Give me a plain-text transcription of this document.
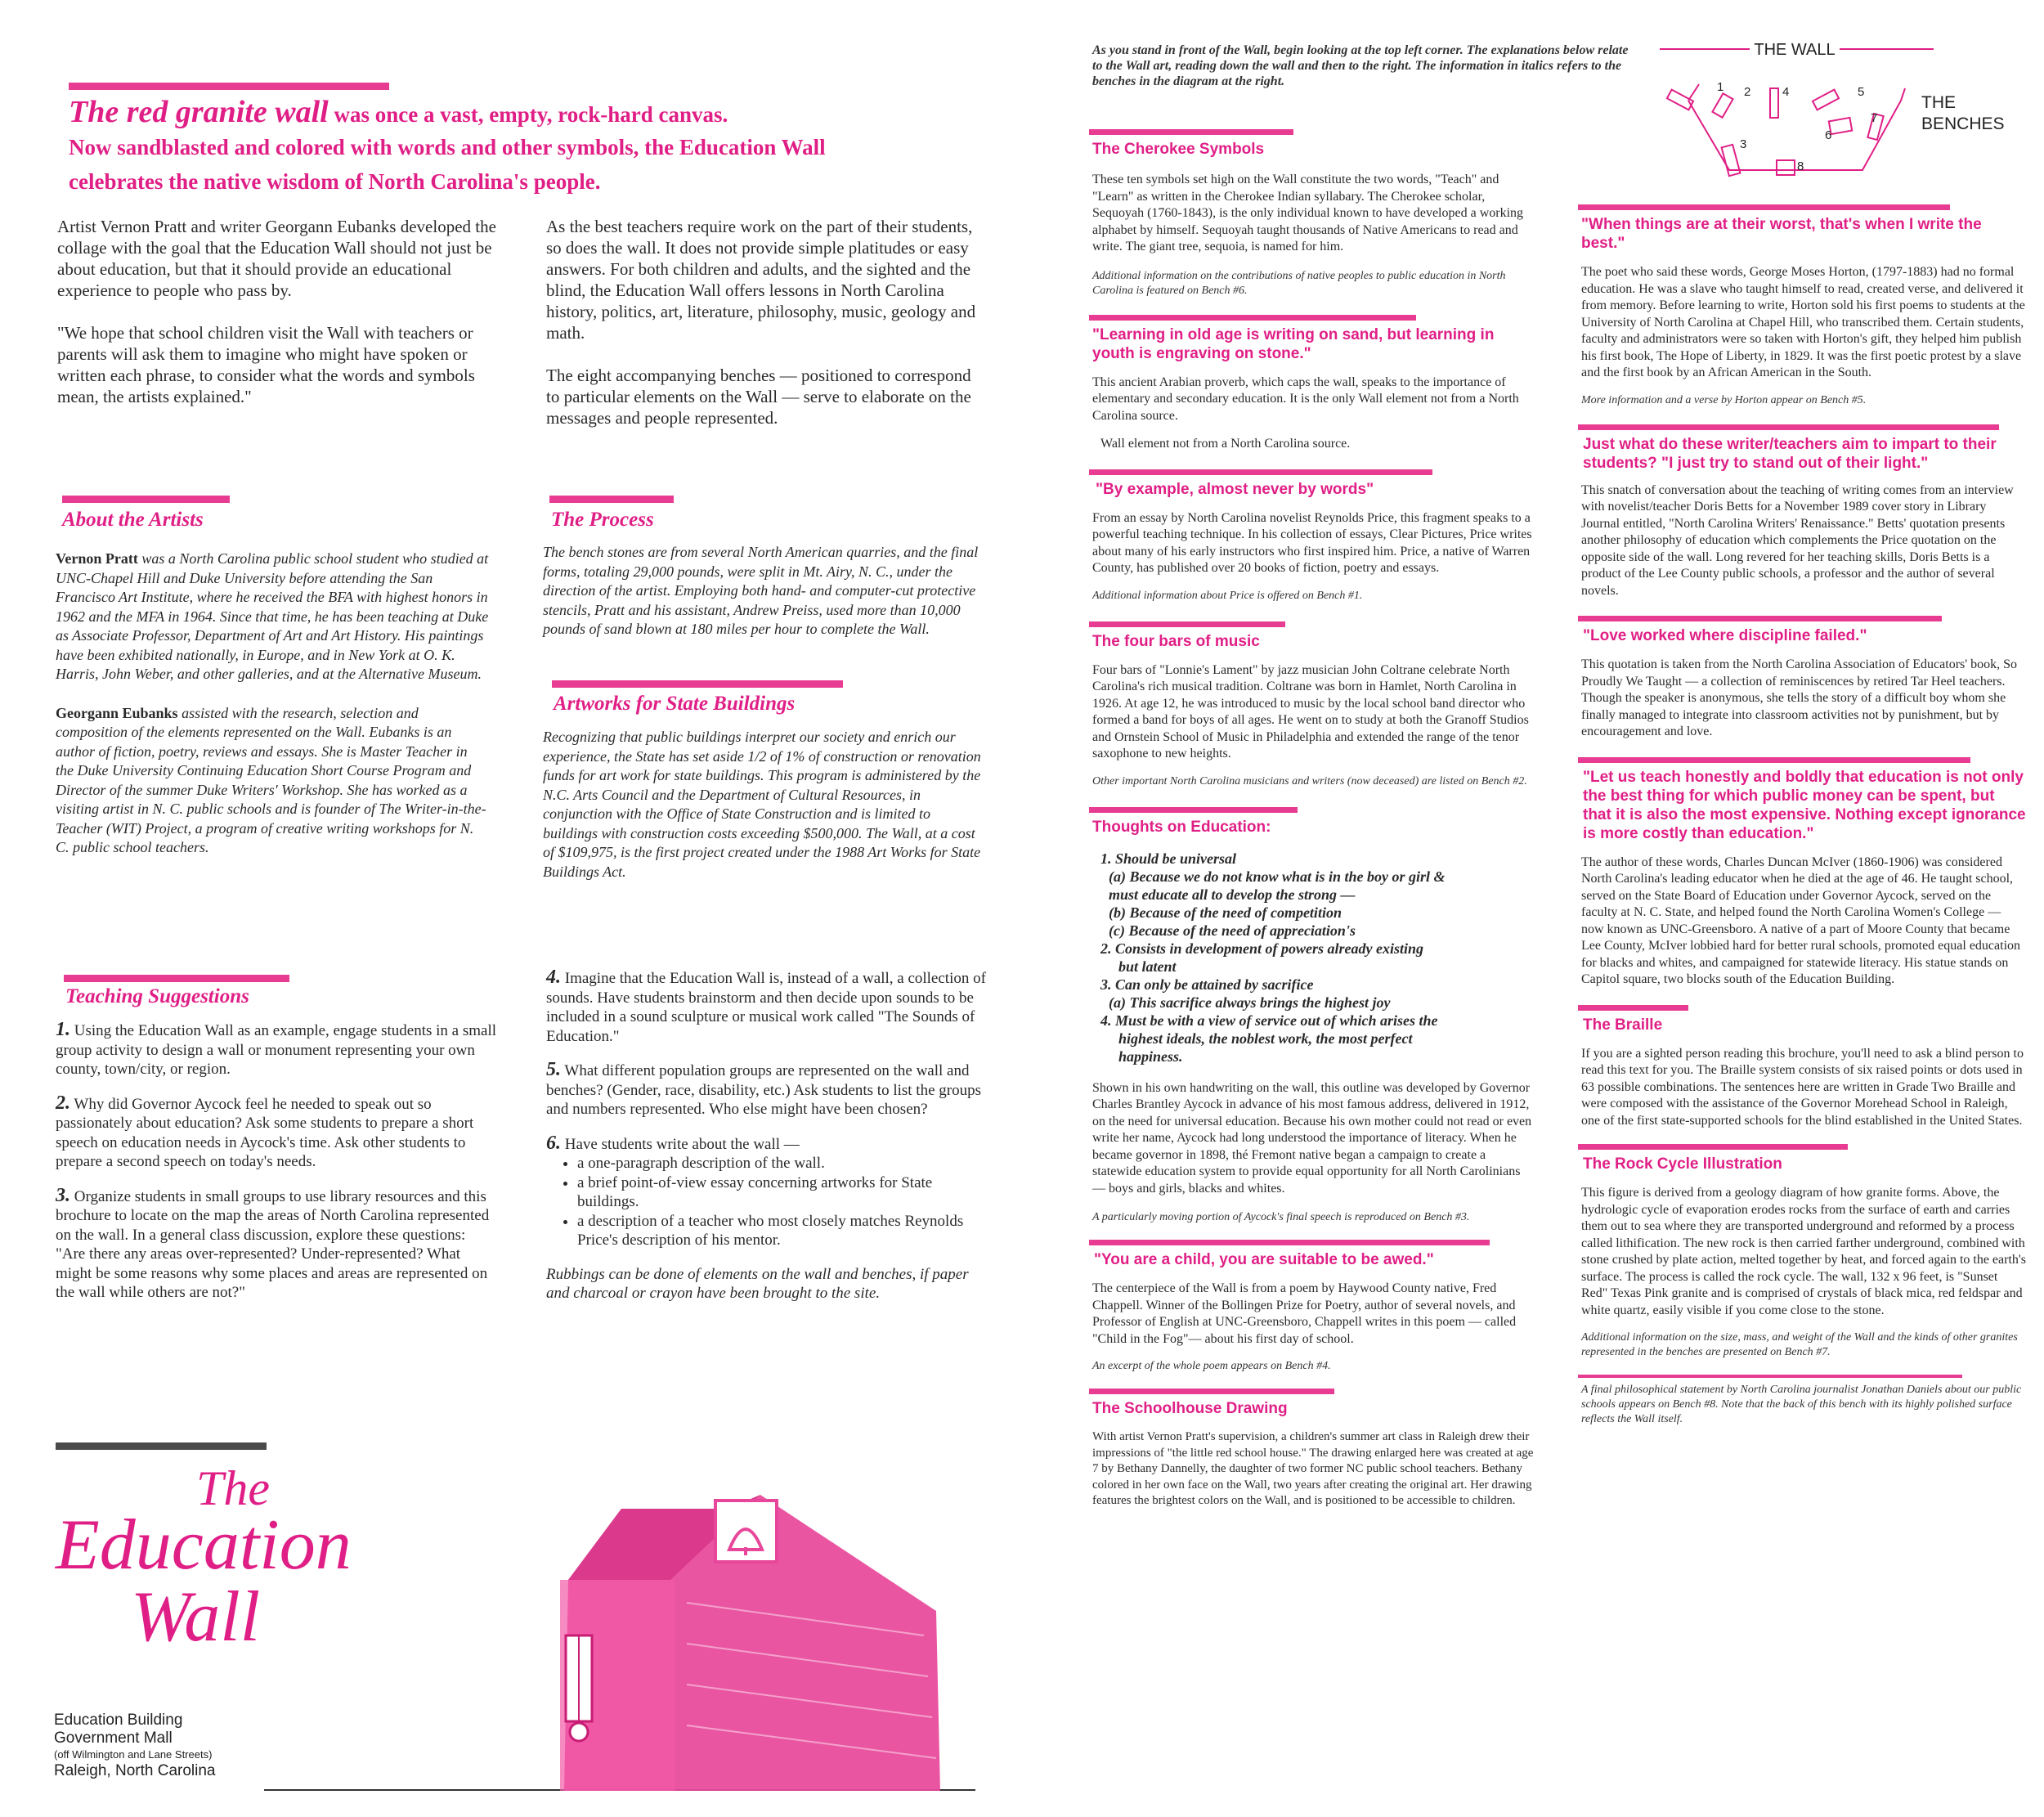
The red granite wall was once a vast, empty, rock-hard canvas.
Now sandblasted and colored with words and other symbols, the Education Wall
celebrates the native wisdom of North Carolina's people.

Artist Vernon Pratt and writer Georgann Eubanks developed the collage with the goal that the Education Wall should not just be about education, but that it should provide an educational experience to people who pass by.

"We hope that school children visit the Wall with teachers or parents will ask them to imagine who might have spoken or written each phrase, to consider what the words and symbols mean, the artists explained."

As the best teachers require work on the part of their students, so does the wall. It does not provide simple platitudes or easy answers. For both children and adults, and the sighted and the blind, the Education Wall offers lessons in North Carolina history, politics, art, literature, philosophy, music, geology and math.

The eight accompanying benches — positioned to correspond to particular elements on the Wall — serve to elaborate on the messages and people represented.

About the Artists

Vernon Pratt was a North Carolina public school student who studied at UNC-Chapel Hill and Duke University before attending the San Francisco Art Institute, where he received the BFA with highest honors in 1962 and the MFA in 1964. Since that time, he has been teaching at Duke as Associate Professor, Department of Art and Art History. His paintings have been exhibited nationally, in Europe, and in New York at O. K. Harris, John Weber, and other galleries, and at the Alternative Museum.

Georgann Eubanks assisted with the research, selection and composition of the elements represented on the Wall. Eubanks is an author of fiction, poetry, reviews and essays. She is Master Teacher in the Duke University Continuing Education Short Course Program and Director of the summer Duke Writers' Workshop. She has worked as a visiting artist in N. C. public schools and is founder of The Writer-in-the-Teacher (WIT) Project, a program of creative writing workshops for N. C. public school teachers.

The Process

The bench stones are from several North American quarries, and the final forms, totaling 29,000 pounds, were split in Mt. Airy, N. C., under the direction of the artist. Employing both hand- and computer-cut protective stencils, Pratt and his assistant, Andrew Preiss, used more than 10,000 pounds of sand blown at 180 miles per hour to complete the Wall.

Artworks for State Buildings

Recognizing that public buildings interpret our society and enrich our experience, the State has set aside 1/2 of 1% of construction or renovation funds for art work for state buildings. This program is administered by the N.C. Arts Council and the Department of Cultural Resources, in conjunction with the Office of State Construction and is limited to buildings with construction costs exceeding $500,000. The Wall, at a cost of $109,975, is the first project created under the 1988 Art Works for State Buildings Act.

Teaching Suggestions

1. Using the Education Wall as an example, engage students in a small group activity to design a wall or monument representing your own county, town/city, or region.

2. Why did Governor Aycock feel he needed to speak out so passionately about education? Ask some students to prepare a short speech on education needs in Aycock's time. Ask other students to prepare a second speech on today's needs.

3. Organize students in small groups to use library resources and this brochure to locate on the map the areas of North Carolina represented on the wall. In a general class discussion, explore these questions: "Are there any areas over-represented? Under-represented? What might be some reasons why some places and areas are represented on the wall while others are not?"

4. Imagine that the Education Wall is, instead of a wall, a collection of sounds. Have students brainstorm and then decide upon sounds to be included in a sound sculpture or musical work called "The Sounds of Education."

5. What different population groups are represented on the wall and benches? (Gender, race, disability, etc.) Ask students to list the groups and numbers represented. Who else might have been chosen?

6. Have students write about the wall —

• a one-paragraph description of the wall.
• a brief point-of-view essay concerning artworks for State buildings.
• a description of a teacher who most closely matches Reynolds Price's description of his mentor.

Rubbings can be done of elements on the wall and benches, if paper and charcoal or crayon have been brought to the site.

The
Education
Wall
Education Building
Government Mall
(off Wilmington and Lane Streets)
Raleigh, North Carolina

As you stand in front of the Wall, begin looking at the top left corner. The explanations below relate to the Wall art, reading down the wall and then to the right. The information in italics refers to the benches in the diagram at the right.

THE WALL
THE
BENCHES
1 2
3
4	5
6
7
8
The Cherokee Symbols

These ten symbols set high on the Wall constitute the two words, "Teach" and "Learn" as written in the Cherokee Indian syllabary. The Cherokee scholar, Sequoyah (1760-1843), is the only individual known to have developed a working alphabet by himself. Sequoyah taught thousands of Native Americans to read and write. The giant tree, sequoia, is named for him.

Additional information on the contributions of native peoples to public education in North Carolina is featured on Bench #6.

"Learning in old age is writing on sand, but learning in youth is engraving on stone."

This ancient Arabian proverb, which caps the wall, speaks to the importance of elementary and secondary education. It is the only Wall element not from a North Carolina source.

Wall element not from a North Carolina source.

"By example, almost never by words"

From an essay by North Carolina novelist Reynolds Price, this fragment speaks to a powerful teaching technique. In his collection of essays, Clear Pictures, Price writes about many of his early instructors who first inspired him. Price, a native of Warren County, has published over 20 books of fiction, poetry and essays.

Additional information about Price is offered on Bench #1.

The four bars of music

Four bars of "Lonnie's Lament" by jazz musician John Coltrane celebrate North Carolina's rich musical tradition. Coltrane was born in Hamlet, North Carolina in 1926. At age 12, he was introduced to music by the local school band director who formed a band for boys of all ages. He went on to study at both the Granoff Studios and Ornstein School of Music in Philadelphia and extended the range of the tenor saxophone to new heights.

Other important North Carolina musicians and writers (now deceased) are listed on Bench #2.

Thoughts on Education:
1. Should be universal
(a) Because we do not know what is in the boy or girl &
must educate all to develop the strong —
(b) Because of the need of competition
(c) Because of the need of appreciation's
2. Consists in development of powers already existing
but latent
3. Can only be attained by sacrifice
(a) This sacrifice always brings the highest joy
4. Must be with a view of service out of which arises the
highest ideals, the noblest work, the most perfect
happiness.

Shown in his own handwriting on the wall, this outline was developed by Governor Charles Brantley Aycock in advance of his most famous address, delivered in 1912, on the need for universal education. Because his own mother could not read or even write her name, Aycock had long understood the importance of literacy. When he became governor in 1898, thé Fremont native began a campaign to create a statewide education system to provide equal opportunity for all North Carolinians — boys and girls, blacks and whites.

A particularly moving portion of Aycock's final speech is reproduced on Bench #3.

"You are a child, you are suitable to be awed."

The centerpiece of the Wall is from a poem by Haywood County native, Fred Chappell. Winner of the Bollingen Prize for Poetry, author of several novels, and Professor of English at UNC-Greensboro, Chappell writes in this poem — called "Child in the Fog"— about his first day of school.

An excerpt of the whole poem appears on Bench #4.

The Schoolhouse Drawing

With artist Vernon Pratt's supervision, a children's summer art class in Raleigh drew their impressions of "the little red school house." The drawing enlarged here was created at age 7 by Bethany Dannelly, the daughter of two former NC public school teachers. Bethany colored in her own face on the Wall, two years after creating the original art. Her drawing features the brightest colors on the Wall, and is positioned to be accessible to children.

"When things are at their worst, that's when I write the best."

The poet who said these words, George Moses Horton, (1797-1883) had no formal education. He was a slave who taught himself to read, created verse, and delivered it from memory. Before learning to write, Horton sold his first poems to students at the University of North Carolina at Chapel Hill, who transcribed them. Certain students, faculty and administrators were so taken with Horton's gift, they helped him publish his first book, The Hope of Liberty, in 1829. It was the first poetic protest by a slave and the first book by an African American in the South.

More information and a verse by Horton appear on Bench #5.

Just what do these writer/teachers aim to impart to their students? "I just try to stand out of their light."

This snatch of conversation about the teaching of writing comes from an interview with novelist/teacher Doris Betts for a November 1989 cover story in Library Journal entitled, "North Carolina Writers' Renaissance." Betts' quotation presents another philosophy of education which complements the Price quotation on the opposite side of the wall. Long revered for her teaching skills, Doris Betts is a product of the Lee County public schools, a professor and the author of several novels.

"Love worked where discipline failed."

This quotation is taken from the North Carolina Association of Educators' book, So Proudly We Taught — a collection of reminiscences by retired Tar Heel teachers. Though the speaker is anonymous, she tells the story of a difficult boy whom she finally managed to integrate into classroom activities not by punishment, but by encouragement and love.

"Let us teach honestly and boldly that education is not only the best thing for which public money can be spent, but that it is also the most expensive. Nothing except ignorance is more costly than education."

The author of these words, Charles Duncan McIver (1860-1906) was considered North Carolina's leading educator when he died at the age of 46. He taught school, served on the State Board of Education under Governor Aycock, served on the faculty at N. C. State, and helped found the North Carolina Women's College — now known as UNC-Greensboro. A native of a part of Moore County that became Lee County, McIver lobbied hard for better rural schools, promoted equal education for blacks and whites, and campaigned for statewide literacy. His statue stands on Capitol square, two blocks south of the Education Building.

The Braille

If you are a sighted person reading this brochure, you'll need to ask a blind person to read this text for you. The Braille system consists of six raised points or dots used in 63 possible combinations. The sentences here are written in Grade Two Braille and were composed with the assistance of the Governor Morehead School in Raleigh, one of the first state-supported schools for the blind established in the United States.

The Rock Cycle Illustration

This figure is derived from a geology diagram of how granite forms. Above, the hydrologic cycle of evaporation erodes rocks from the surface of earth and carries them out to sea where they are transported underground and reformed by a process called lithification. The new rock is then carried farther underground, combined with stone crushed by plate action, melted together by heat, and forced again to the earth's surface. The process is called the rock cycle. The wall, 132 x 96 feet, is "Sunset Red" Texas Pink granite and is comprised of crystals of black mica, red feldspar and white quartz, easily visible if you come close to the stone.

Additional information on the size, mass, and weight of the Wall and the kinds of other granites represented in the benches are presented on Bench #7.

A final philosophical statement by North Carolina journalist Jonathan Daniels about our public schools appears on Bench #8. Note that the back of this bench with its highly polished surface reflects the Wall itself.
